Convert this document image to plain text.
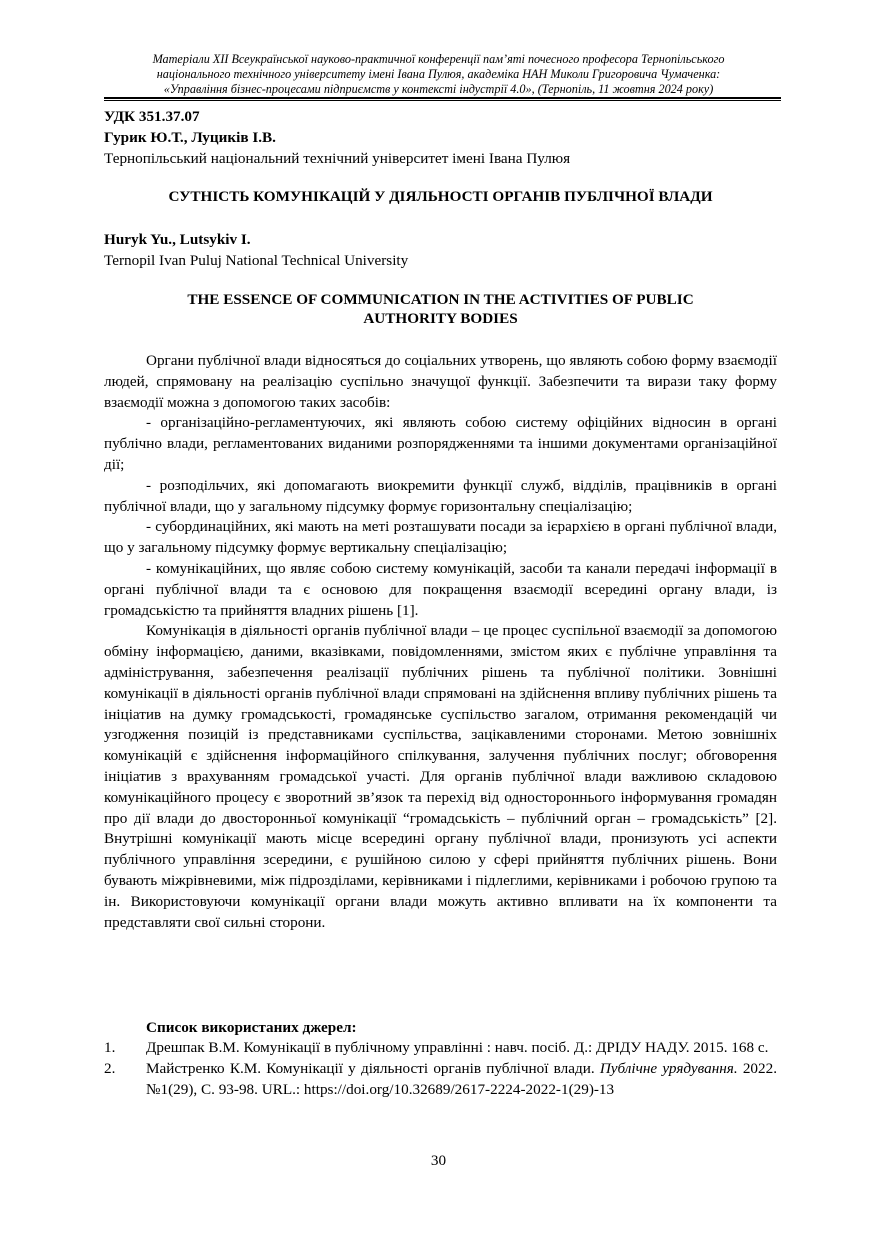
Матеріали XII Всеукраїнської науково-практичної конференції пам’яті почесного професора Тернопільського
національного технічного університету імені Івана Пулюя, академіка НАН Миколи Григоровича Чумаченка:
«Управління бізнес-процесами підприємств у контексті індустрії 4.0», (Тернопіль, 11 жовтня 2024 року)
УДК 351.37.07
Гурик Ю.Т., Луциків І.В.
Тернопільський національний технічний університет імені Івана Пулюя
СУТНІСТЬ КОМУНІКАЦІЙ У ДІЯЛЬНОСТІ ОРГАНІВ ПУБЛІЧНОЇ ВЛАДИ
Huryk Yu., Lutsykiv I.
Ternopil Ivan Puluj National Technical University
THE ESSENCE OF COMMUNICATION IN THE ACTIVITIES OF PUBLIC
AUTHORITY BODIES

Органи публічної влади відносяться до соціальних утворень, що являють собою форму взаємодії людей, спрямовану на реалізацію суспільно значущої функції. Забезпечити та вирази таку форму взаємодії можна з допомогою таких засобів:

- організаційно-регламентуючих, які являють собою систему офіційних відносин в органі публічно влади, регламентованих виданими розпорядженнями та іншими документами організаційної дії;

- розподільчих, які допомагають виокремити функції служб, відділів, працівників в органі публічної влади, що у загальному підсумку формує горизонтальну спеціалізацію;

- субординаційних, які мають на меті розташувати посади за ієрархією в органі публічної влади, що у загальному підсумку формує вертикальну спеціалізацію;

- комунікаційних, що являє собою систему комунікацій, засоби та канали передачі інформації в органі публічної влади та є основою для покращення взаємодії всередині органу влади, із громадськістю та прийняття владних рішень [1].

Комунікація в діяльності органів публічної влади – це процес суспільної взаємодії за допомогою обміну інформацією, даними, вказівками, повідомленнями, змістом яких є публічне управління та адміністрування, забезпечення реалізації публічних рішень та публічної політики. Зовнішні комунікації в діяльності органів публічної влади спрямовані на здійснення впливу публічних рішень та ініціатив на думку громадськості, громадянське суспільство загалом, отримання рекомендацій чи узгодження позицій із представниками суспільства, зацікавленими сторонами. Метою зовнішніх комунікацій є здійснення інформаційного спілкування, залучення публічних послуг; обговорення ініціатив з врахуванням громадської участі. Для органів публічної влади важливою складовою комунікаційного процесу є зворотний зв’язок та перехід від одностороннього інформування громадян про дії влади до двосторонньої комунікації “громадськість – публічний орган – громадськість” [2]. Внутрішні комунікації мають місце всередині органу публічної влади, пронизують усі аспекти публічного управління зсередини, є рушійною силою у сфері прийняття публічних рішень. Вони бувають міжрівневими, між підрозділами, керівниками і підлеглими, керівниками і робочою групою та ін. Використовуючи комунікації органи влади можуть активно впливати на їх компоненти та представляти свої сильні сторони.

Список використаних джерел:

1. Дрешпак В.М. Комунікації в публічному управлінні : навч. посіб. Д.: ДРІДУ НАДУ. 2015. 168 с.

2. Майстренко К.М. Комунікації у діяльності органів публічної влади. Публічне урядування. 2022. №1(29), С. 93-98. URL.: https://doi.org/10.32689/2617-2224-2022-1(29)-13

30
